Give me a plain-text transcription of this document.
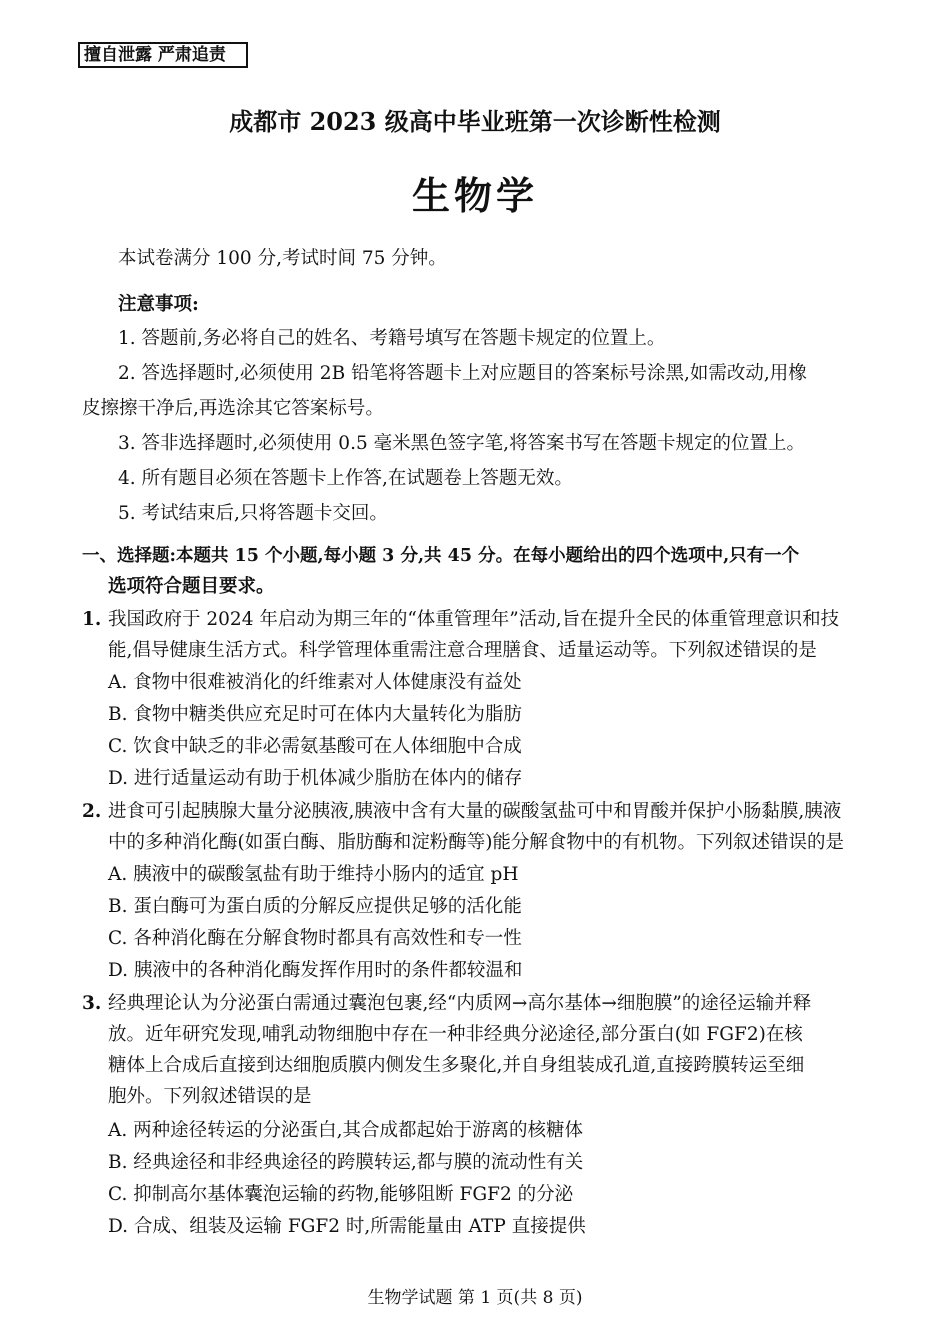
擅自泄露 严肃追责
成都市 2023 级高中毕业班第一次诊断性检测
生物学
本试卷满分 100 分,考试时间 75 分钟。
注意事项:
1. 答题前,务必将自己的姓名、考籍号填写在答题卡规定的位置上。
2. 答选择题时,必须使用 2B 铅笔将答题卡上对应题目的答案标号涂黑,如需改动,用橡
皮擦擦干净后,再选涂其它答案标号。
3. 答非选择题时,必须使用 0.5 毫米黑色签字笔,将答案书写在答题卡规定的位置上。
4. 所有题目必须在答题卡上作答,在试题卷上答题无效。
5. 考试结束后,只将答题卡交回。
一、选择题:本题共 15 个小题,每小题 3 分,共 45 分。在每小题给出的四个选项中,只有一个
选项符合题目要求。
1. 我国政府于 2024 年启动为期三年的“体重管理年”活动,旨在提升全民的体重管理意识和技
能,倡导健康生活方式。科学管理体重需注意合理膳食、适量运动等。下列叙述错误的是
A. 食物中很难被消化的纤维素对人体健康没有益处
B. 食物中糖类供应充足时可在体内大量转化为脂肪
C. 饮食中缺乏的非必需氨基酸可在人体细胞中合成
D. 进行适量运动有助于机体减少脂肪在体内的储存
2. 进食可引起胰腺大量分泌胰液,胰液中含有大量的碳酸氢盐可中和胃酸并保护小肠黏膜,胰液
中的多种消化酶(如蛋白酶、脂肪酶和淀粉酶等)能分解食物中的有机物。下列叙述错误的是
A. 胰液中的碳酸氢盐有助于维持小肠内的适宜 pH
B. 蛋白酶可为蛋白质的分解反应提供足够的活化能
C. 各种消化酶在分解食物时都具有高效性和专一性
D. 胰液中的各种消化酶发挥作用时的条件都较温和
3. 经典理论认为分泌蛋白需通过囊泡包裹,经“内质网→高尔基体→细胞膜”的途径运输并释
放。近年研究发现,哺乳动物细胞中存在一种非经典分泌途径,部分蛋白(如 FGF2)在核
糖体上合成后直接到达细胞质膜内侧发生多聚化,并自身组装成孔道,直接跨膜转运至细
胞外。下列叙述错误的是
A. 两种途径转运的分泌蛋白,其合成都起始于游离的核糖体
B. 经典途径和非经典途径的跨膜转运,都与膜的流动性有关
C. 抑制高尔基体囊泡运输的药物,能够阻断 FGF2 的分泌
D. 合成、组装及运输 FGF2 时,所需能量由 ATP 直接提供
生物学试题 第 1 页(共 8 页)
